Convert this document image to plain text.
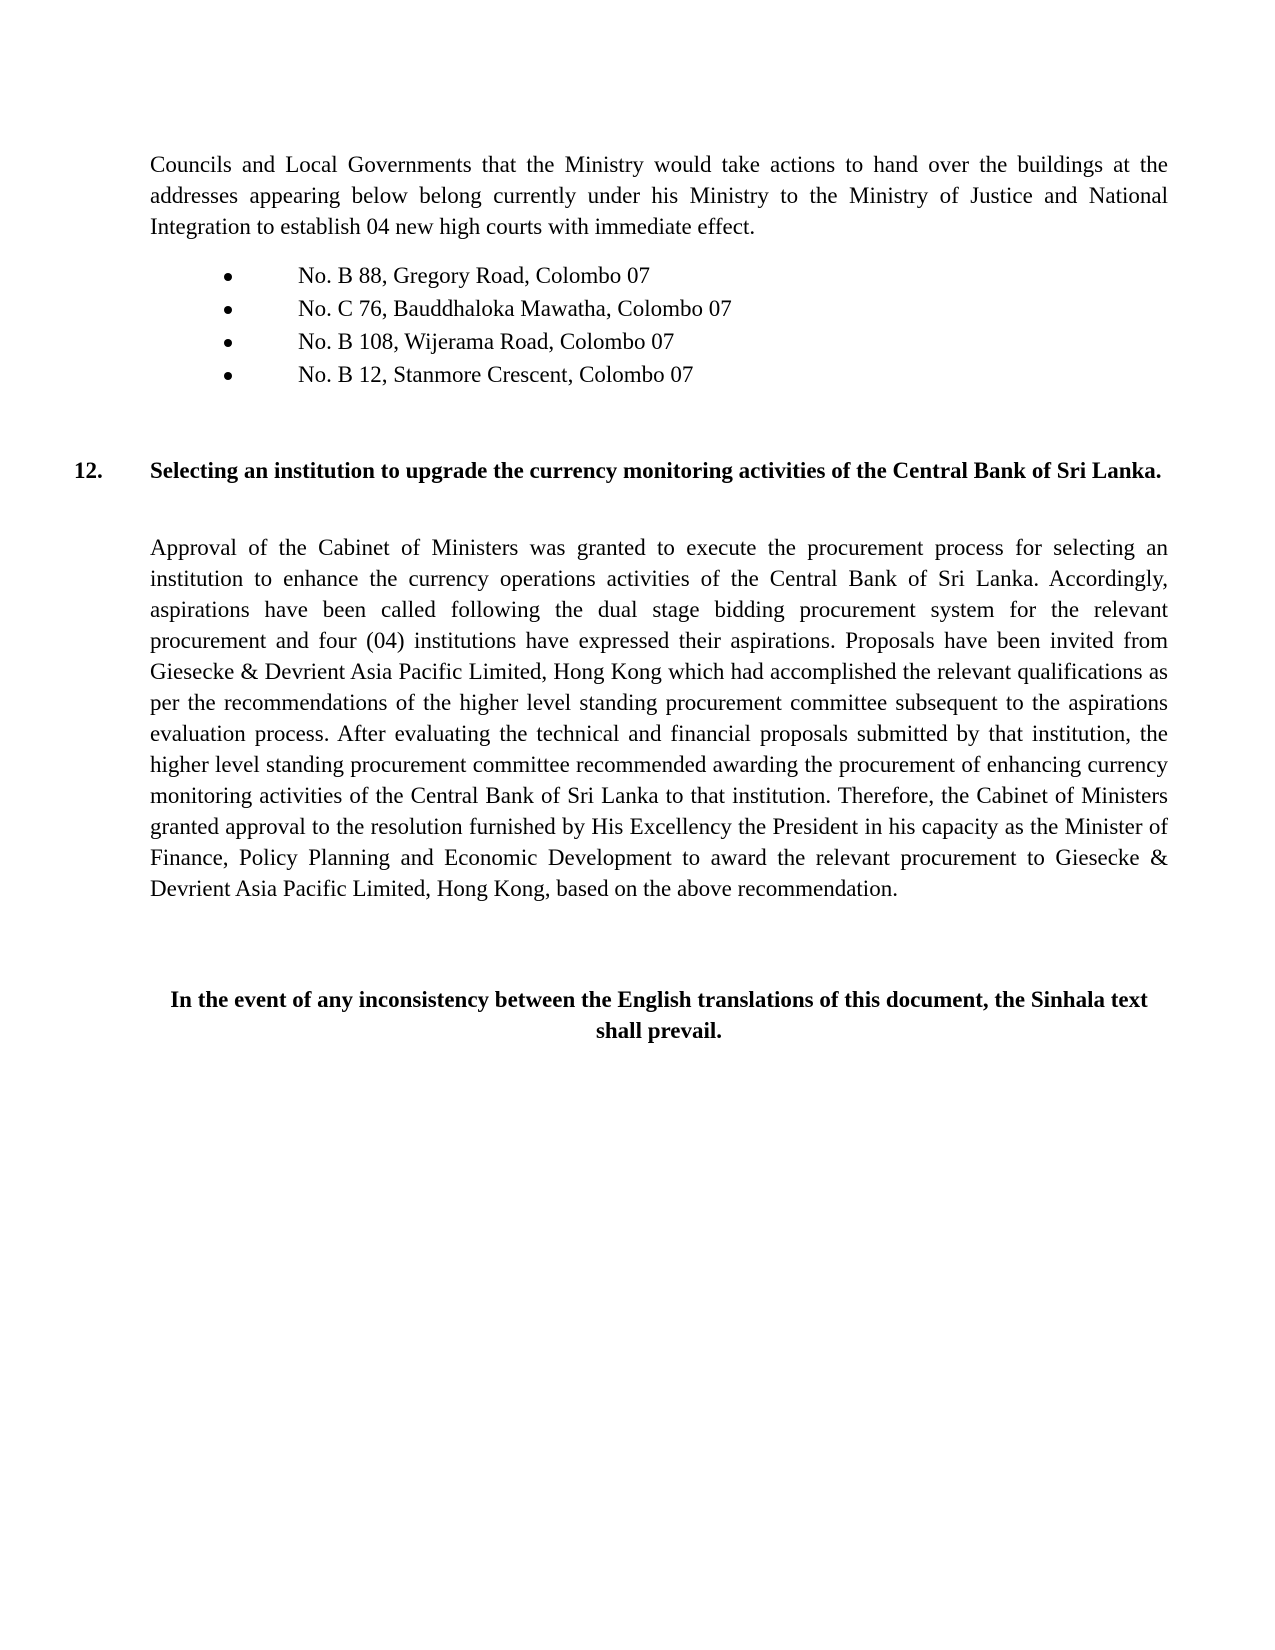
Councils and Local Governments that the Ministry would take actions to hand over the buildings at the addresses appearing below belong currently under his Ministry to the Ministry of Justice and National Integration to establish 04 new high courts with immediate effect.

No. B 88, Gregory Road, Colombo 07
No. C 76, Bauddhaloka Mawatha, Colombo 07
No. B 108, Wijerama Road, Colombo 07
No. B 12, Stanmore Crescent, Colombo 07

12. Selecting an institution to upgrade the currency monitoring activities of the Central Bank of Sri Lanka.

Approval of the Cabinet of Ministers was granted to execute the procurement process for selecting an institution to enhance the currency operations activities of the Central Bank of Sri Lanka. Accordingly, aspirations have been called following the dual stage bidding procurement system for the relevant procurement and four (04) institutions have expressed their aspirations. Proposals have been invited from Giesecke & Devrient Asia Pacific Limited, Hong Kong which had accomplished the relevant qualifications as per the recommendations of the higher level standing procurement committee subsequent to the aspirations evaluation process. After evaluating the technical and financial proposals submitted by that institution, the higher level standing procurement committee recommended awarding the procurement of enhancing currency monitoring activities of the Central Bank of Sri Lanka to that institution. Therefore, the Cabinet of Ministers granted approval to the resolution furnished by His Excellency the President in his capacity as the Minister of Finance, Policy Planning and Economic Development to award the relevant procurement to Giesecke & Devrient Asia Pacific Limited, Hong Kong, based on the above recommendation.

In the event of any inconsistency between the English translations of this document, the Sinhala text shall prevail.
